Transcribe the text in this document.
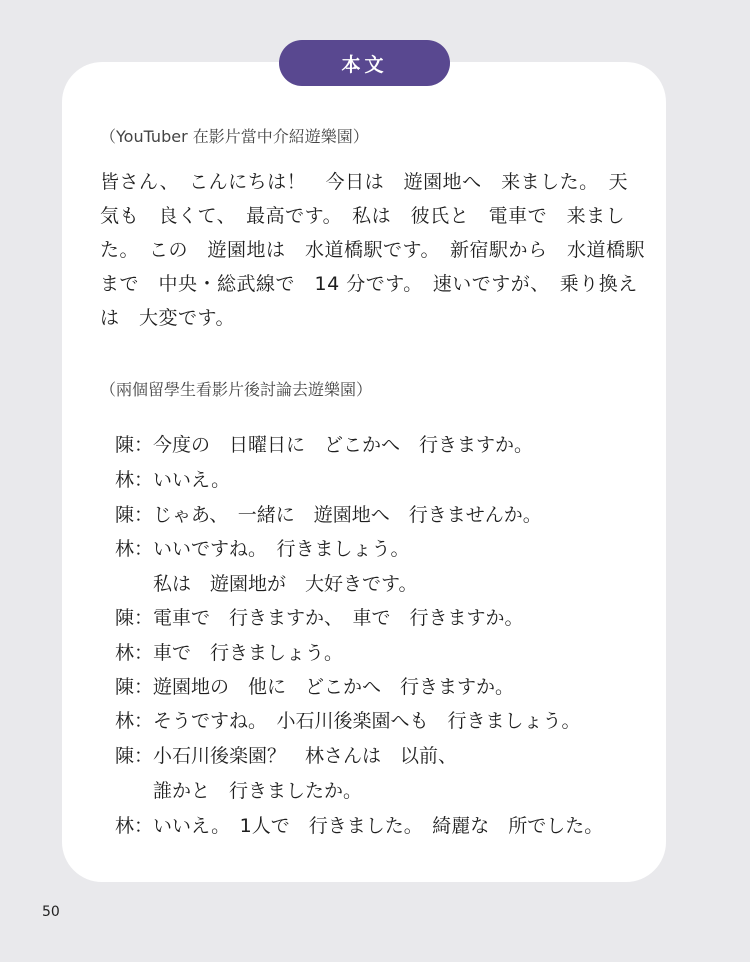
本文
（YouTuber 在影片當中介紹遊樂園）
皆さん、　こんにちは！　今日は　遊園地へ　来ました。　天
気も　良くて、　最高です。　私は　彼氏と　電車で　来まし
た。　この　遊園地は　水道橋駅です。　新宿駅から　水道橋駅
まで　中央・総武線で　14 分です。　速いですが、　乗り換え
は　大変です。
（兩個留學生看影片後討論去遊樂園）
陳：今度の　日曜日に　どこかへ　行きますか。
林：いいえ。
陳：じゃあ、　一緒に　遊園地へ　行きませんか。
林：いいですね。　行きましょう。
私は　遊園地が　大好きです。
陳：電車で　行きますか、　車で　行きますか。
林：車で　行きましょう。
陳：遊園地の　他に　どこかへ　行きますか。
林：そうですね。　小石川後楽園へも　行きましょう。
陳：小石川後楽園？　林さんは　以前、
誰かと　行きましたか。
林：いいえ。　1人で　行きました。　綺麗な　所でした。
50
